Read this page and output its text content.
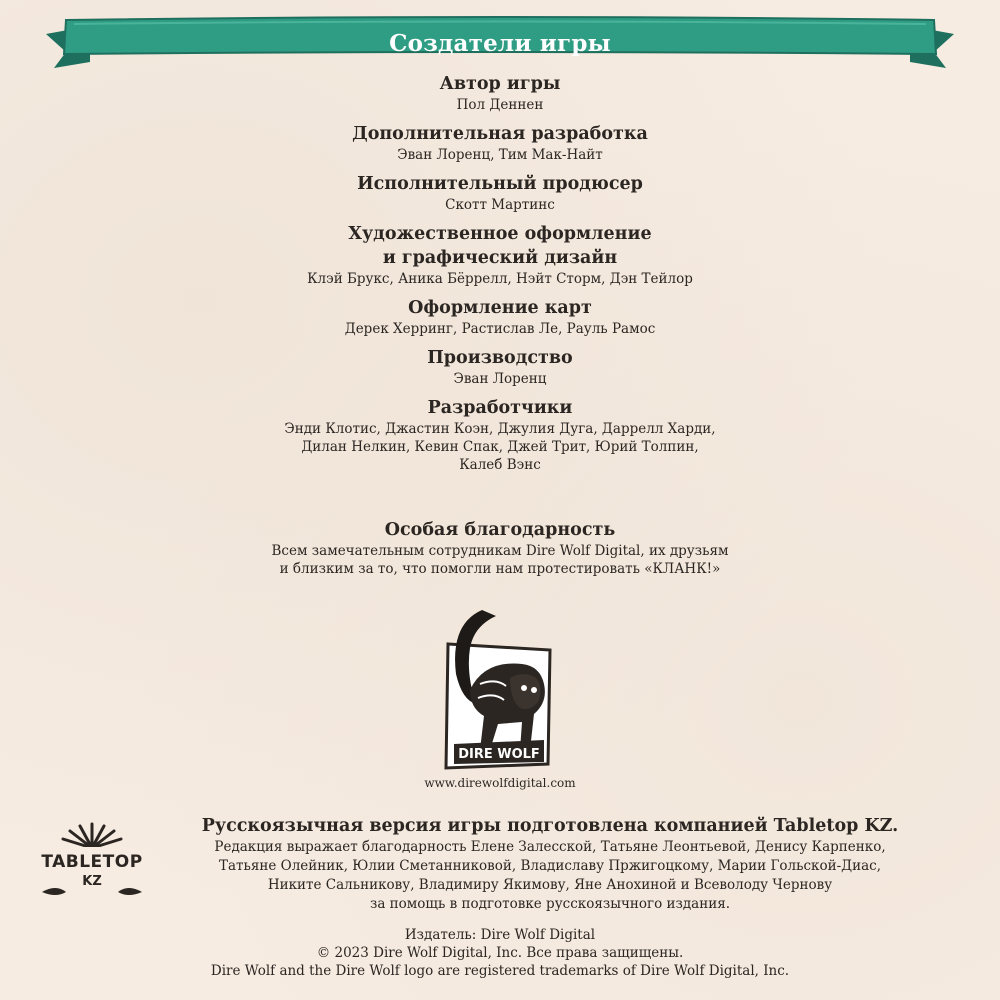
Создатели игры
Автор игры
Пол Деннен
Дополнительная разработка
Эван Лоренц, Тим Мак-Найт
Исполнительный продюсер
Скотт Мартинс
Художественное оформление
и графический дизайн
Клэй Брукс, Аника Бёррелл, Нэйт Сторм, Дэн Тейлор
Оформление карт
Дерек Херринг, Растислав Ле, Рауль Рамос
Производство
Эван Лоренц
Разработчики
Энди Клотис, Джастин Коэн, Джулия Дуга, Даррелл Харди,
Дилан Нелкин, Кевин Спак, Джей Трит, Юрий Толпин,
Калеб Вэнс
Особая благодарность
Всем замечательным сотрудникам Dire Wolf Digital, их друзьям
и близким за то, что помогли нам протестировать «КЛАНК!»
DIRE WOLF
www.direwolfdigital.com
TABLETOP
KZ
Русскоязычная версия игры подготовлена компанией Tabletop KZ.
Редакция выражает благодарность Елене Залесской, Татьяне Леонтьевой, Денису Карпенко,
Татьяне Олейник, Юлии Сметанниковой, Владиславу Пржигоцкому, Марии Гольской-Диас,
Никите Сальникову, Владимиру Якимову, Яне Анохиной и Всеволоду Чернову
за помощь в подготовке русскоязычного издания.
Издатель: Dire Wolf Digital
© 2023 Dire Wolf Digital, Inc. Все права защищены.
Dire Wolf and the Dire Wolf logo are registered trademarks of Dire Wolf Digital, Inc.
